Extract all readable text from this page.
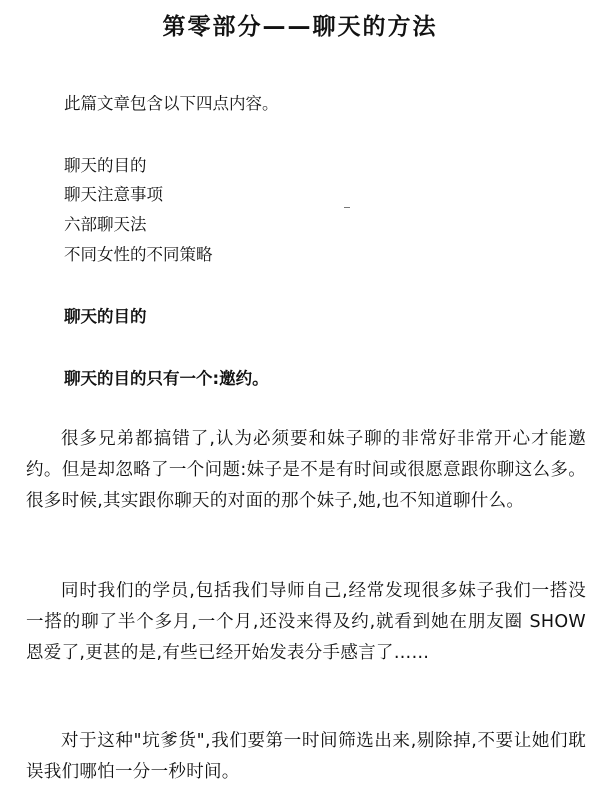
第零部分——聊天的方法
此篇文章包含以下四点内容。
聊天的目的
聊天注意事项
六部聊天法
不同女性的不同策略
聊天的目的
聊天的目的只有一个:邀约。

很多兄弟都搞错了,认为必须要和妹子聊的非常好非常开心才能邀约。但是却忽略了一个问题:妹子是不是有时间或很愿意跟你聊这么多。很多时候,其实跟你聊天的对面的那个妹子,她,也不知道聊什么。

同时我们的学员,包括我们导师自己,经常发现很多妹子我们一搭没一搭的聊了半个多月,一个月,还没来得及约,就看到她在朋友圈 SHOW 恩爱了,更甚的是,有些已经开始发表分手感言了……

对于这种"坑爹货",我们要第一时间筛选出来,剔除掉,不要让她们耽误我们哪怕一分一秒时间。
